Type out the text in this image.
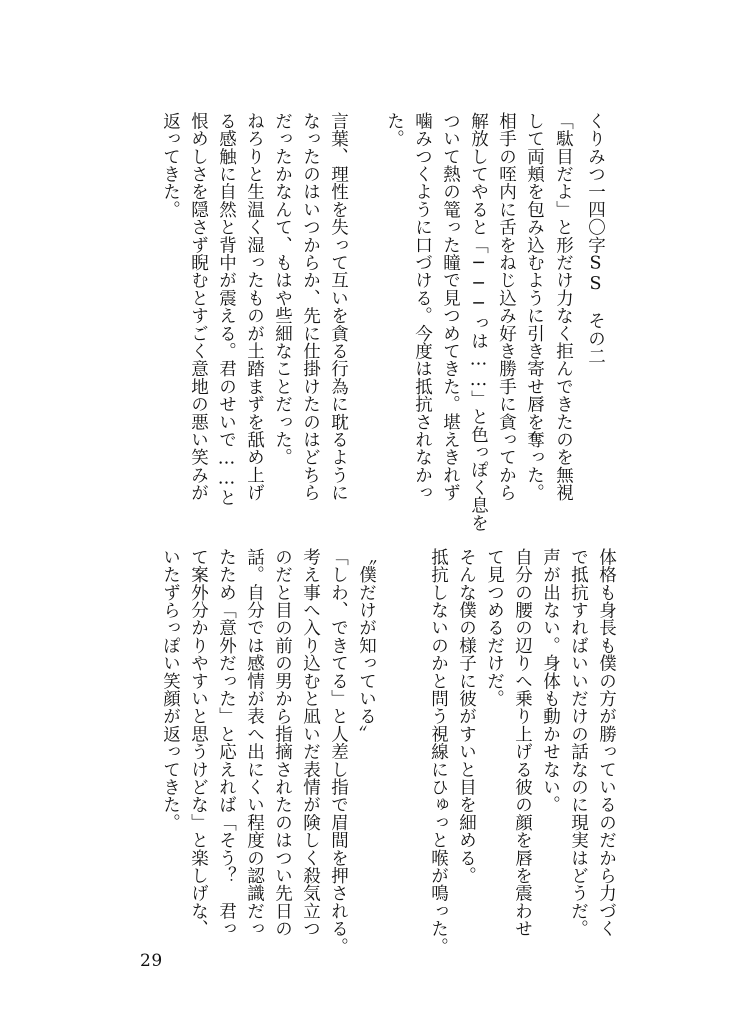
くりみつ一四〇字SS　その二
「駄目だよ」と形だけ力なく拒んできたのを無視
して両頬を包み込むように引き寄せ唇を奪った。
相手の咥内に舌をねじ込み好き勝手に貪ってから
解放してやると「───っは……」と色っぽく息を
ついて熱の篭った瞳で見つめてきた。堪えきれず
噛みつくように口づける。今度は抵抗されなかっ
た。
言葉、理性を失って互いを貪る行為に耽るように
なったのはいつからか、先に仕掛けたのはどちら
だったかなんて、もはや些細なことだった。
ねろりと生温く湿ったものが土踏まずを舐め上げ
る感触に自然と背中が震える。君のせいで……と
恨めしさを隠さず睨むとすごく意地の悪い笑みが
返ってきた。
体格も身長も僕の方が勝っているのだから力づく
で抵抗すればいいだけの話なのに現実はどうだ。
声が出ない。身体も動かせない。
自分の腰の辺りへ乗り上げる彼の顔を唇を震わせ
て見つめるだけだ。
そんな僕の様子に彼がすいと目を細める。
抵抗しないのかと問う視線にひゅっと喉が鳴った。
〝僕だけが知っている〟
「しわ、できてる」と人差し指で眉間を押される。
考え事へ入り込むと凪いだ表情が険しく殺気立つ
のだと目の前の男から指摘されたのはつい先日の
話。自分では感情が表へ出にくい程度の認識だっ
たため「意外だった」と応えれば「そう？　君っ
て案外分かりやすいと思うけどな」と楽しげな、
いたずらっぽい笑顔が返ってきた。
29
